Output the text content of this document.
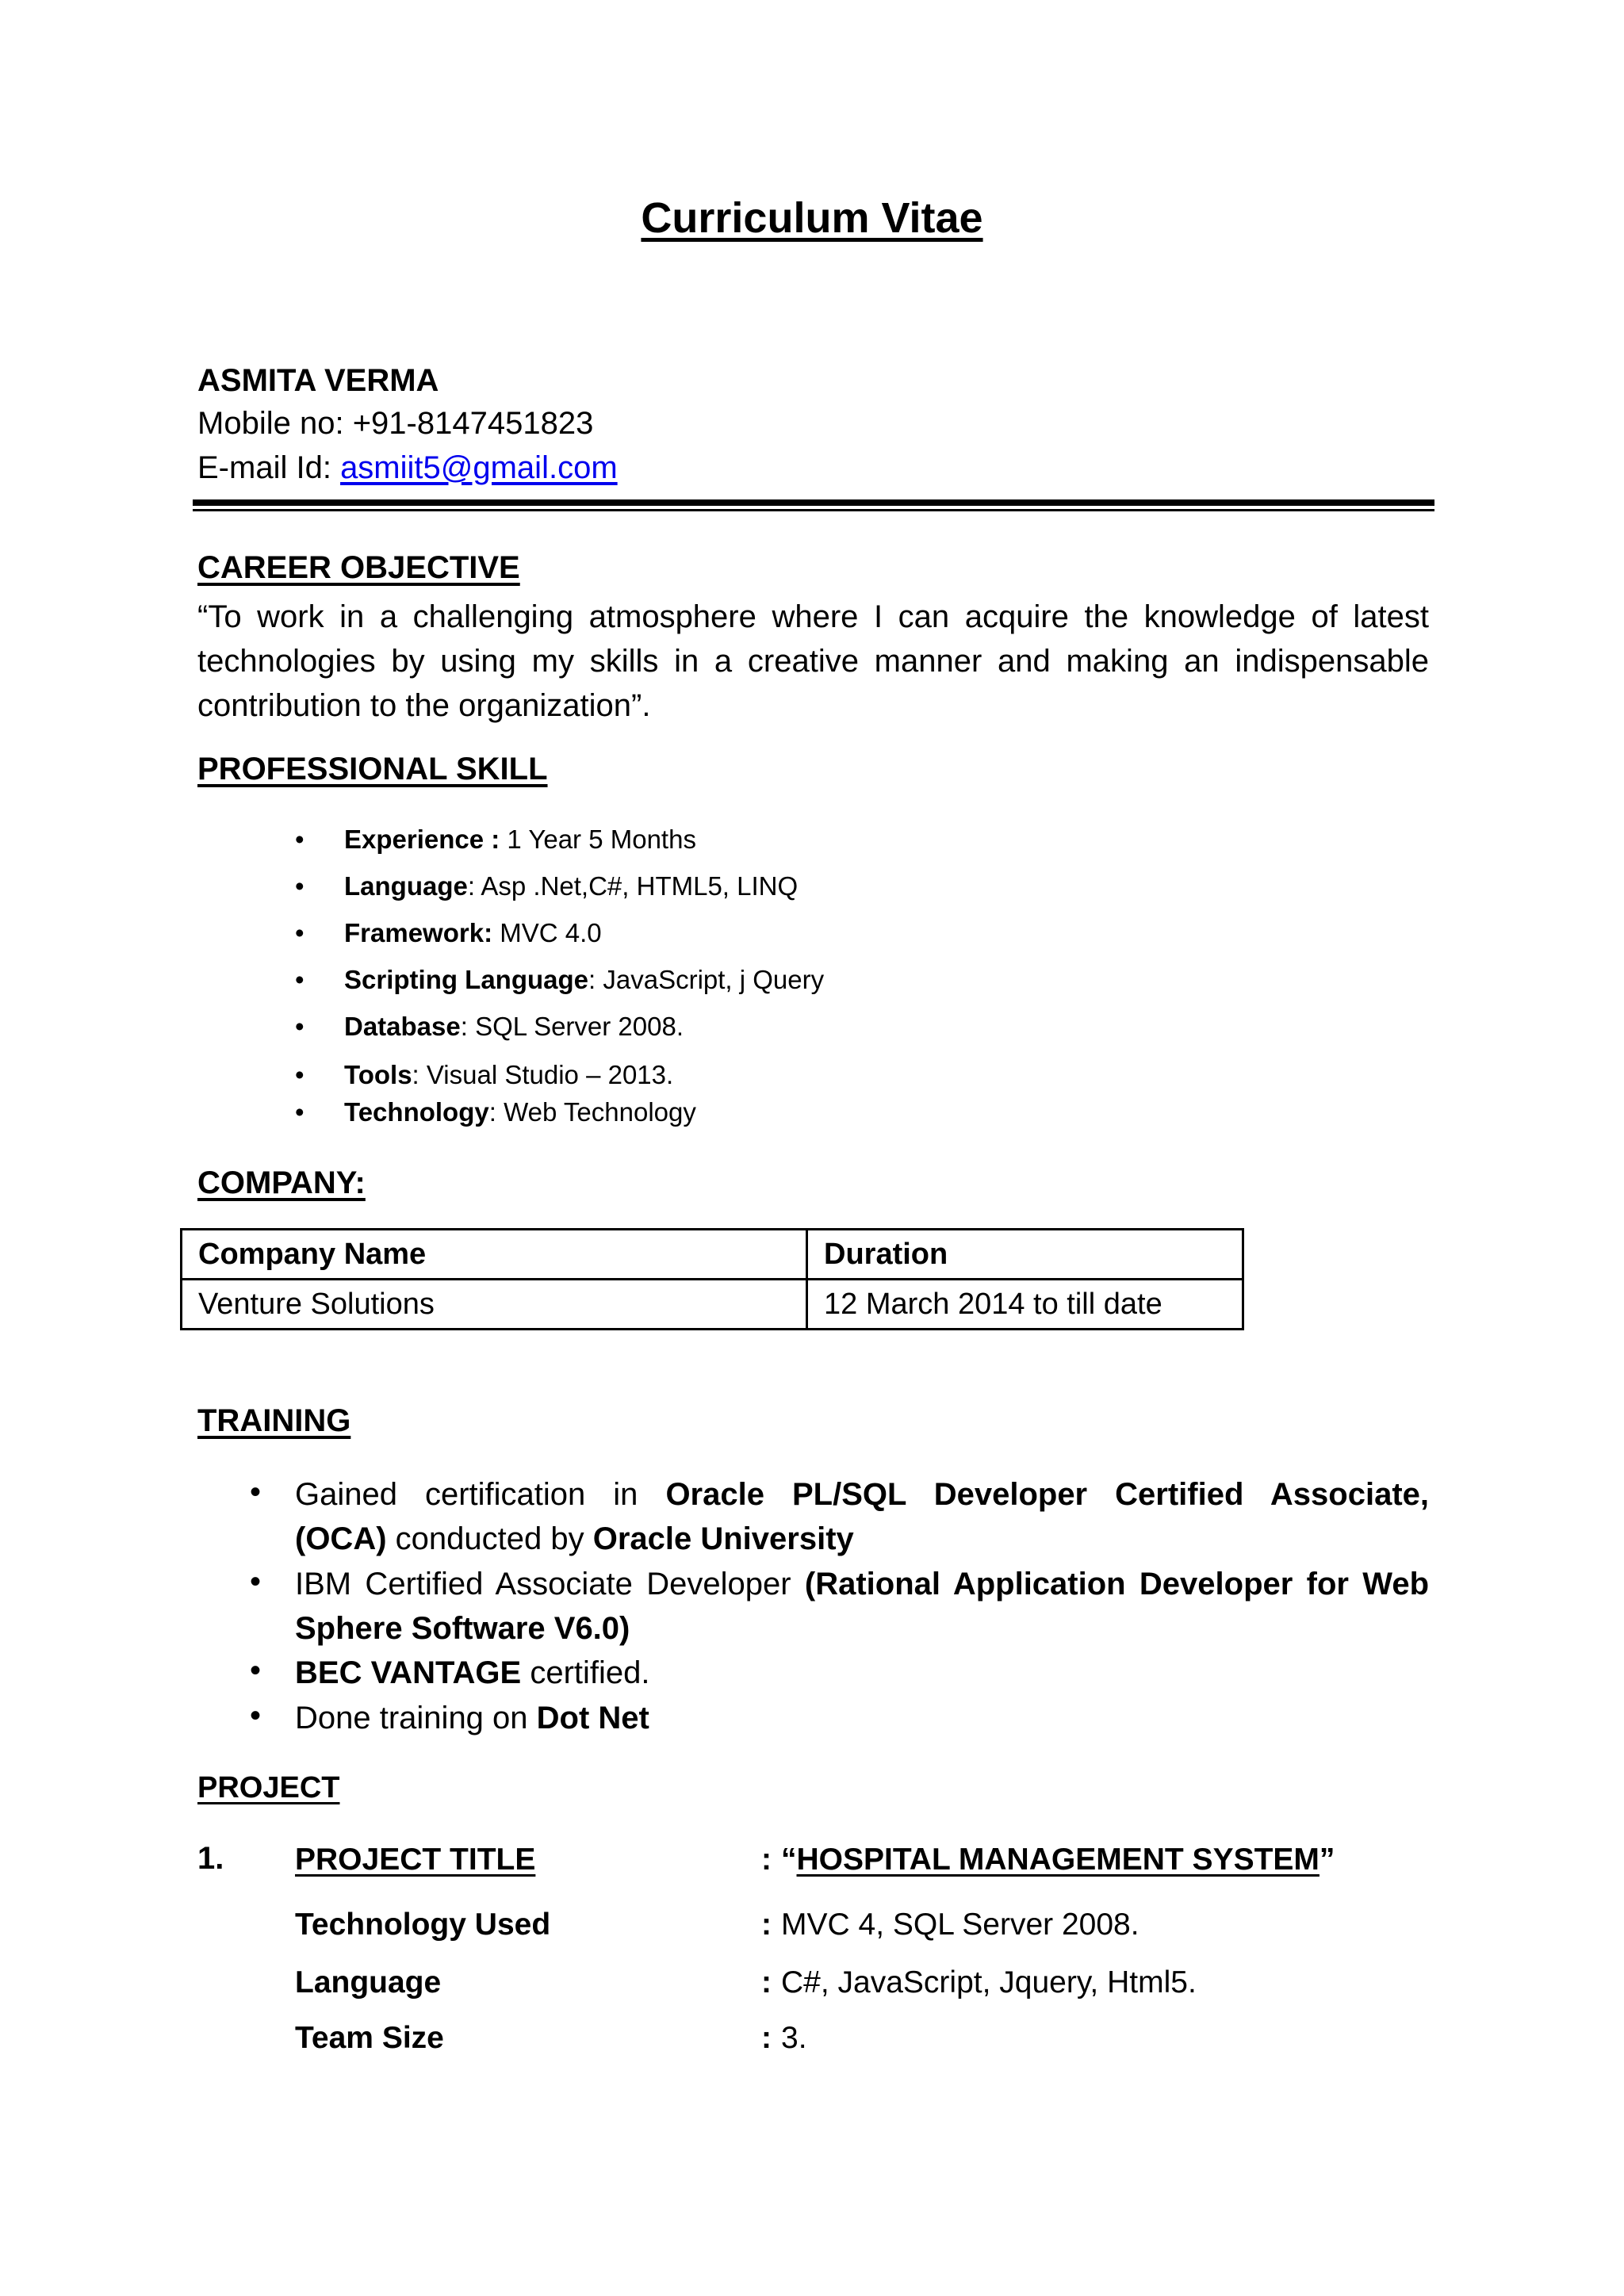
Curriculum Vitae
ASMITA VERMA
Mobile no: +91-8147451823
E-mail Id: asmiit5@gmail.com
CAREER OBJECTIVE
“To work in a challenging atmosphere where I can acquire the knowledge of latest technologies by using my skills in a creative manner and making an indispensable contribution to the organization”.
PROFESSIONAL SKILL
• Experience : 1 Year 5 Months
• Language: Asp .Net,C#, HTML5, LINQ
• Framework: MVC 4.0
• Scripting Language: JavaScript, j Query
• Database: SQL Server 2008.
• Tools: Visual Studio – 2013.
• Technology: Web Technology
COMPANY:
Company Name	Duration
Venture Solutions	12 March 2014 to till date
TRAINING
•	Gained certification in Oracle PL/SQL Developer Certified Associate,
(OCA) conducted by Oracle University
•	IBM Certified Associate Developer (Rational Application Developer for Web
Sphere Software V6.0)
•	BEC VANTAGE certified.
•	Done training on Dot Net
PROJECT
1. PROJECT TITLE	: “HOSPITAL MANAGEMENT SYSTEM”
Technology Used	: MVC 4, SQL Server 2008.
Language	: C#, JavaScript, Jquery, Html5.
Team Size	: 3.
